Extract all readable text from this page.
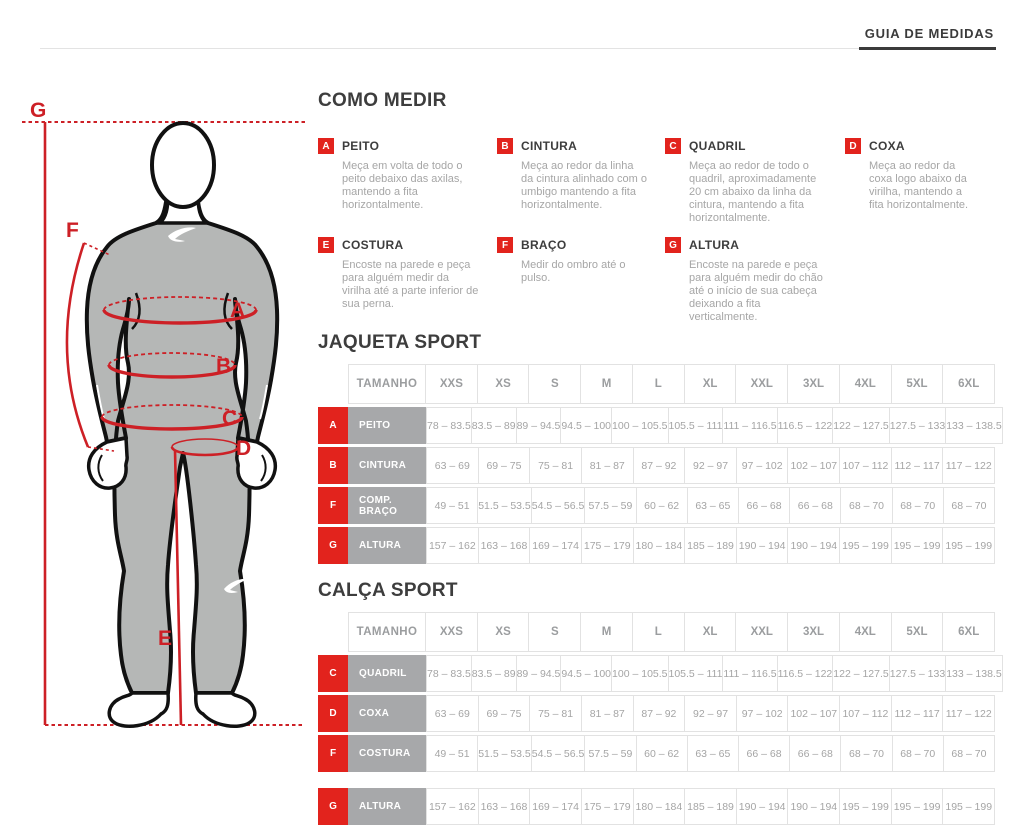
GUIA DE MEDIDAS
G
F
A
B
C
D
E
COMO MEDIR
A	PEITO
Meça em volta de todo o peito debaixo das axilas, mantendo a fita horizontalmente.
B	CINTURA
Meça ao redor da linha da cintura alinhado com o umbigo mantendo a fita horizontalmente.
C	QUADRIL
Meça ao redor de todo o quadril, aproximadamente 20 cm abaixo da linha da cintura, mantendo a fita horizontalmente.
D	COXA
Meça ao redor da coxa logo abaixo da virilha, mantendo a fita horizontalmente.
E	COSTURA
Encoste na parede e peça para alguém medir da virilha até a parte inferior de sua perna.
F	BRAÇO
Medir do ombro até o pulso.
G	ALTURA
Encoste na parede e peça para alguém medir do chão até o início de sua cabeça deixando a fita verticalmente.
JAQUETA SPORT
TAMANHO	XXS	XS	S	M	L	XL	XXL	3XL	4XL	5XL	6XL
A	PEITO	78 – 83.5 83.5 – 89 89 – 94.5 94.5 – 100 100 – 105.5 105.5 – 111 111 – 116.5 116.5 – 122 122 – 127.5 127.5 – 133 133 – 138.5
B	CINTURA	63 – 69	69 – 75	75 – 81	81 – 87	87 – 92	92 – 97	97 – 102 102 – 107 107 – 112 112 – 117 117 – 122
F	COMP. BRAÇO	49 – 51 51.5 – 53.5 54.5 – 56.5 57.5 – 59	60 – 62	63 – 65	66 – 68	66 – 68	68 – 70	68 – 70	68 – 70
G	ALTURA	157 – 162 163 – 168 169 – 174 175 – 179 180 – 184 185 – 189 190 – 194 190 – 194 195 – 199 195 – 199 195 – 199
CALÇA SPORT
TAMANHO	XXS	XS	S	M	L	XL	XXL	3XL	4XL	5XL	6XL
C	QUADRIL	78 – 83.5 83.5 – 89 89 – 94.5 94.5 – 100 100 – 105.5 105.5 – 111 111 – 116.5 116.5 – 122 122 – 127.5 127.5 – 133 133 – 138.5
D	COXA	63 – 69	69 – 75	75 – 81	81 – 87	87 – 92	92 – 97	97 – 102 102 – 107 107 – 112 112 – 117 117 – 122
F	COSTURA	49 – 51 51.5 – 53.5 54.5 – 56.5 57.5 – 59	60 – 62	63 – 65	66 – 68	66 – 68	68 – 70	68 – 70	68 – 70
G	ALTURA	157 – 162 163 – 168 169 – 174 175 – 179 180 – 184 185 – 189 190 – 194 190 – 194 195 – 199 195 – 199 195 – 199
